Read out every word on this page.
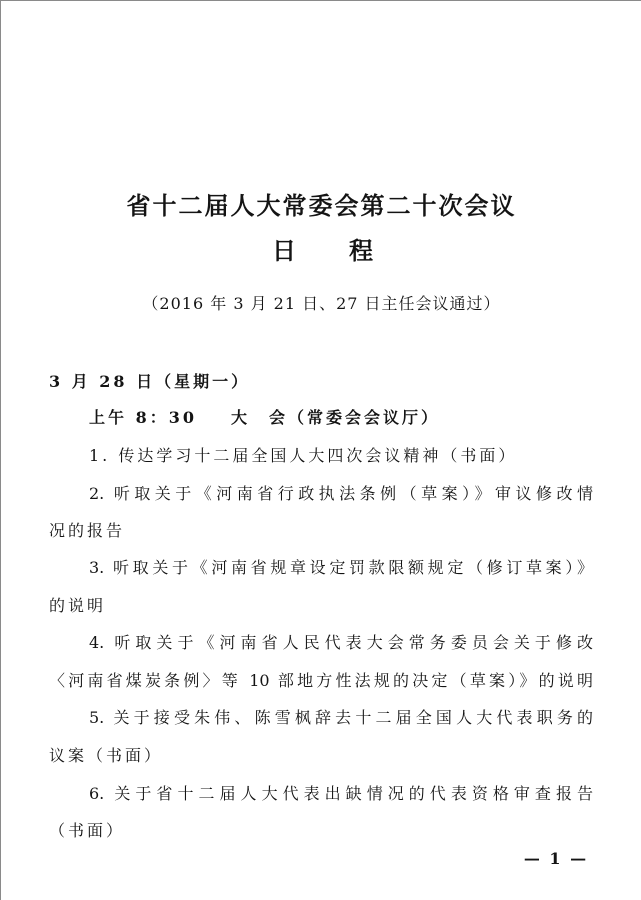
省十二届人大常委会第二十次会议
日 程
（2016 年 3 月 21 日、27 日主任会议通过）
3 月 28 日（星期一）
上午 8：30 大　会（常委会会议厅）
1. 传达学习十二届全国人大四次会议精神（书面）
2. 听取关于《河南省行政执法条例（草案）》审议修改情
况的报告
3. 听取关于《河南省规章设定罚款限额规定（修订草案）》
的说明
4. 听取关于《河南省人民代表大会常务委员会关于修改
〈河南省煤炭条例〉等 10 部地方性法规的决定（草案）》的说明
5. 关于接受朱伟、陈雪枫辞去十二届全国人大代表职务的
议案（书面）
6. 关于省十二届人大代表出缺情况的代表资格审查报告
（书面）
— 1 —
